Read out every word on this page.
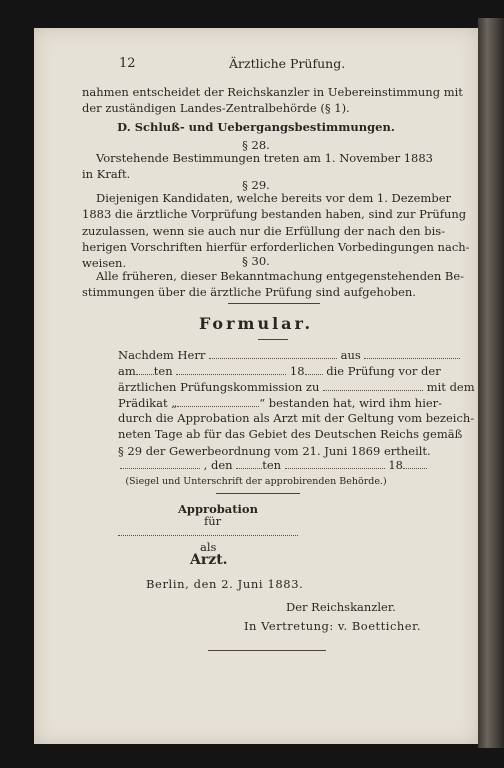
12	Ärztliche Prüfung.
nahmen entscheidet der Reichskanzler in Uebereinstimmung mit
der zuständigen Landes-Zentralbehörde (§ 1).
D. Schluß- und Uebergangsbestimmungen.
§ 28.
Vorstehende Bestimmungen treten am 1. November 1883
in Kraft.
§ 29.
Diejenigen Kandidaten, welche bereits vor dem 1. Dezember
1883 die ärztliche Vorprüfung bestanden haben, sind zur Prüfung
zuzulassen, wenn sie auch nur die Erfüllung der nach den bis-
herigen Vorschriften hierfür erforderlichen Vorbedingungen nach-
weisen.	§ 30.
Alle früheren, dieser Bekanntmachung entgegenstehenden Be-
stimmungen über die ärztliche Prüfung sind aufgehoben.
Formular.
Nachdem Herr	aus
am ten	18 die Prüfung vor der
ärztlichen Prüfungskommission zu	mit dem
Prädikat „	“ bestanden hat, wird ihm hier-
durch die Approbation als Arzt mit der Geltung vom bezeich-
neten Tage ab für das Gebiet des Deutschen Reichs gemäß
§ 29 der Gewerbeordnung vom 21. Juni 1869 ertheilt.
, den	ten	18
(Siegel und Unterschrift der approbirenden Behörde.)
Approbation
für
als
Arzt.
Berlin, den 2. Juni 1883.
Der Reichskanzler.
In Vertretung: v. Boetticher.
